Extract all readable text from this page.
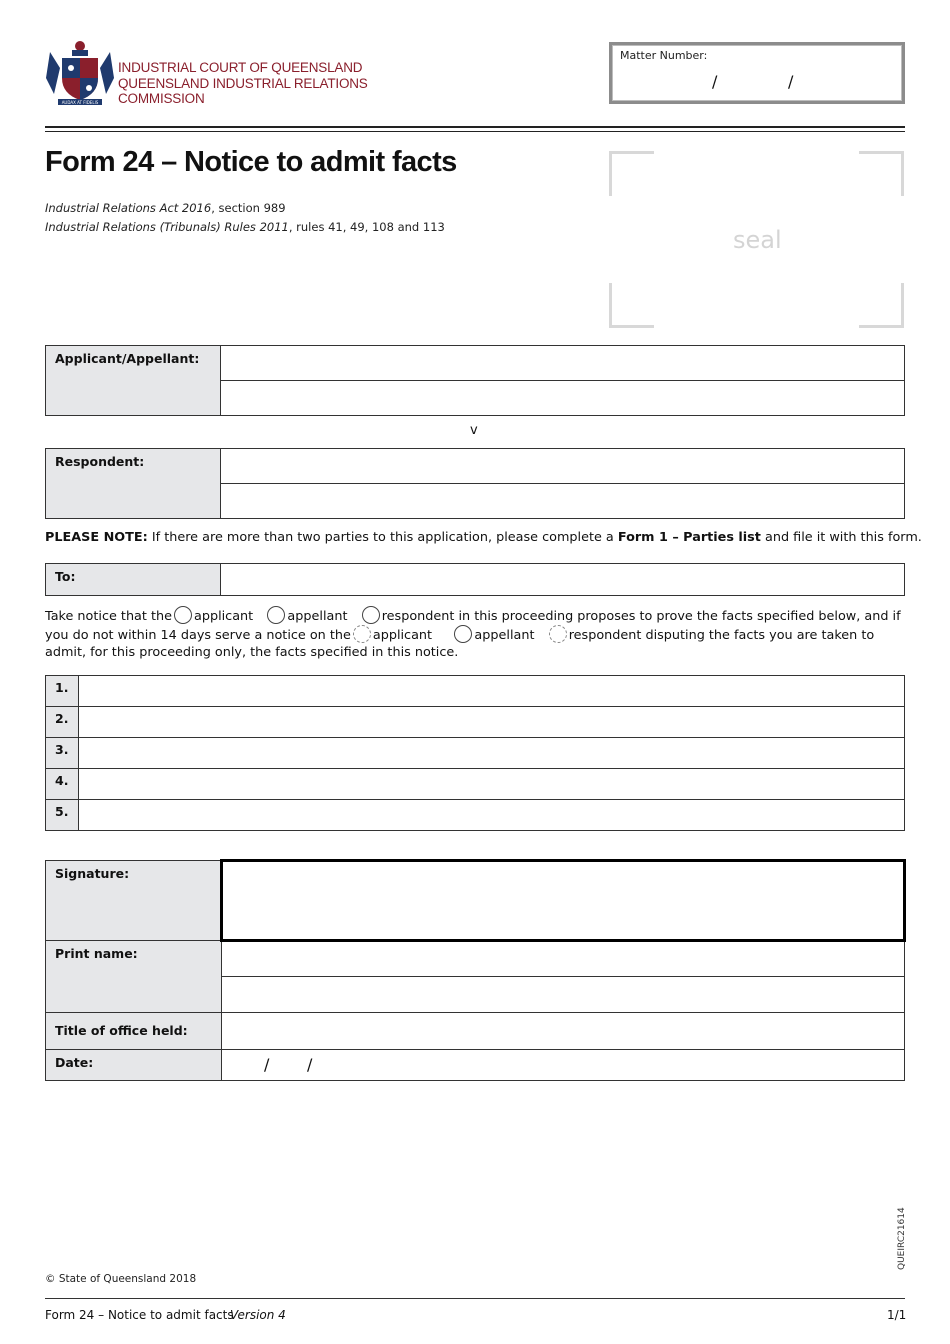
AUDAX AT FIDELIS
INDUSTRIAL COURT OF QUEENSLAND
QUEENSLAND INDUSTRIAL RELATIONS
COMMISSION
Matter Number:
/	/
Form 24 – Notice to admit facts
Industrial Relations Act 2016, section 989
Industrial Relations (Tribunals) Rules 2011, rules 41, 49, 108 and 113	seal
Applicant/Appellant:	

v
Respondent:	

PLEASE NOTE: If there are more than two parties to this application, please complete a Form 1 – Parties list and file it with this form.
To:	
Take notice that the applicant	appellant	respondent in this proceeding proposes to prove the facts specified below, and if you do not within 14 days serve a notice on the applicant	appellant	respondent disputing the facts you are taken to admit, for this proceeding only, the facts specified in this notice.
1.	
2.	
3.	
4.	
5.	
Signature:	
Print name:	

Title of office held:	
Date:	/ /
© State of Queensland 2018
QUEIRC21614
Form 24 – Notice to admit facts
Version 4	1/1
